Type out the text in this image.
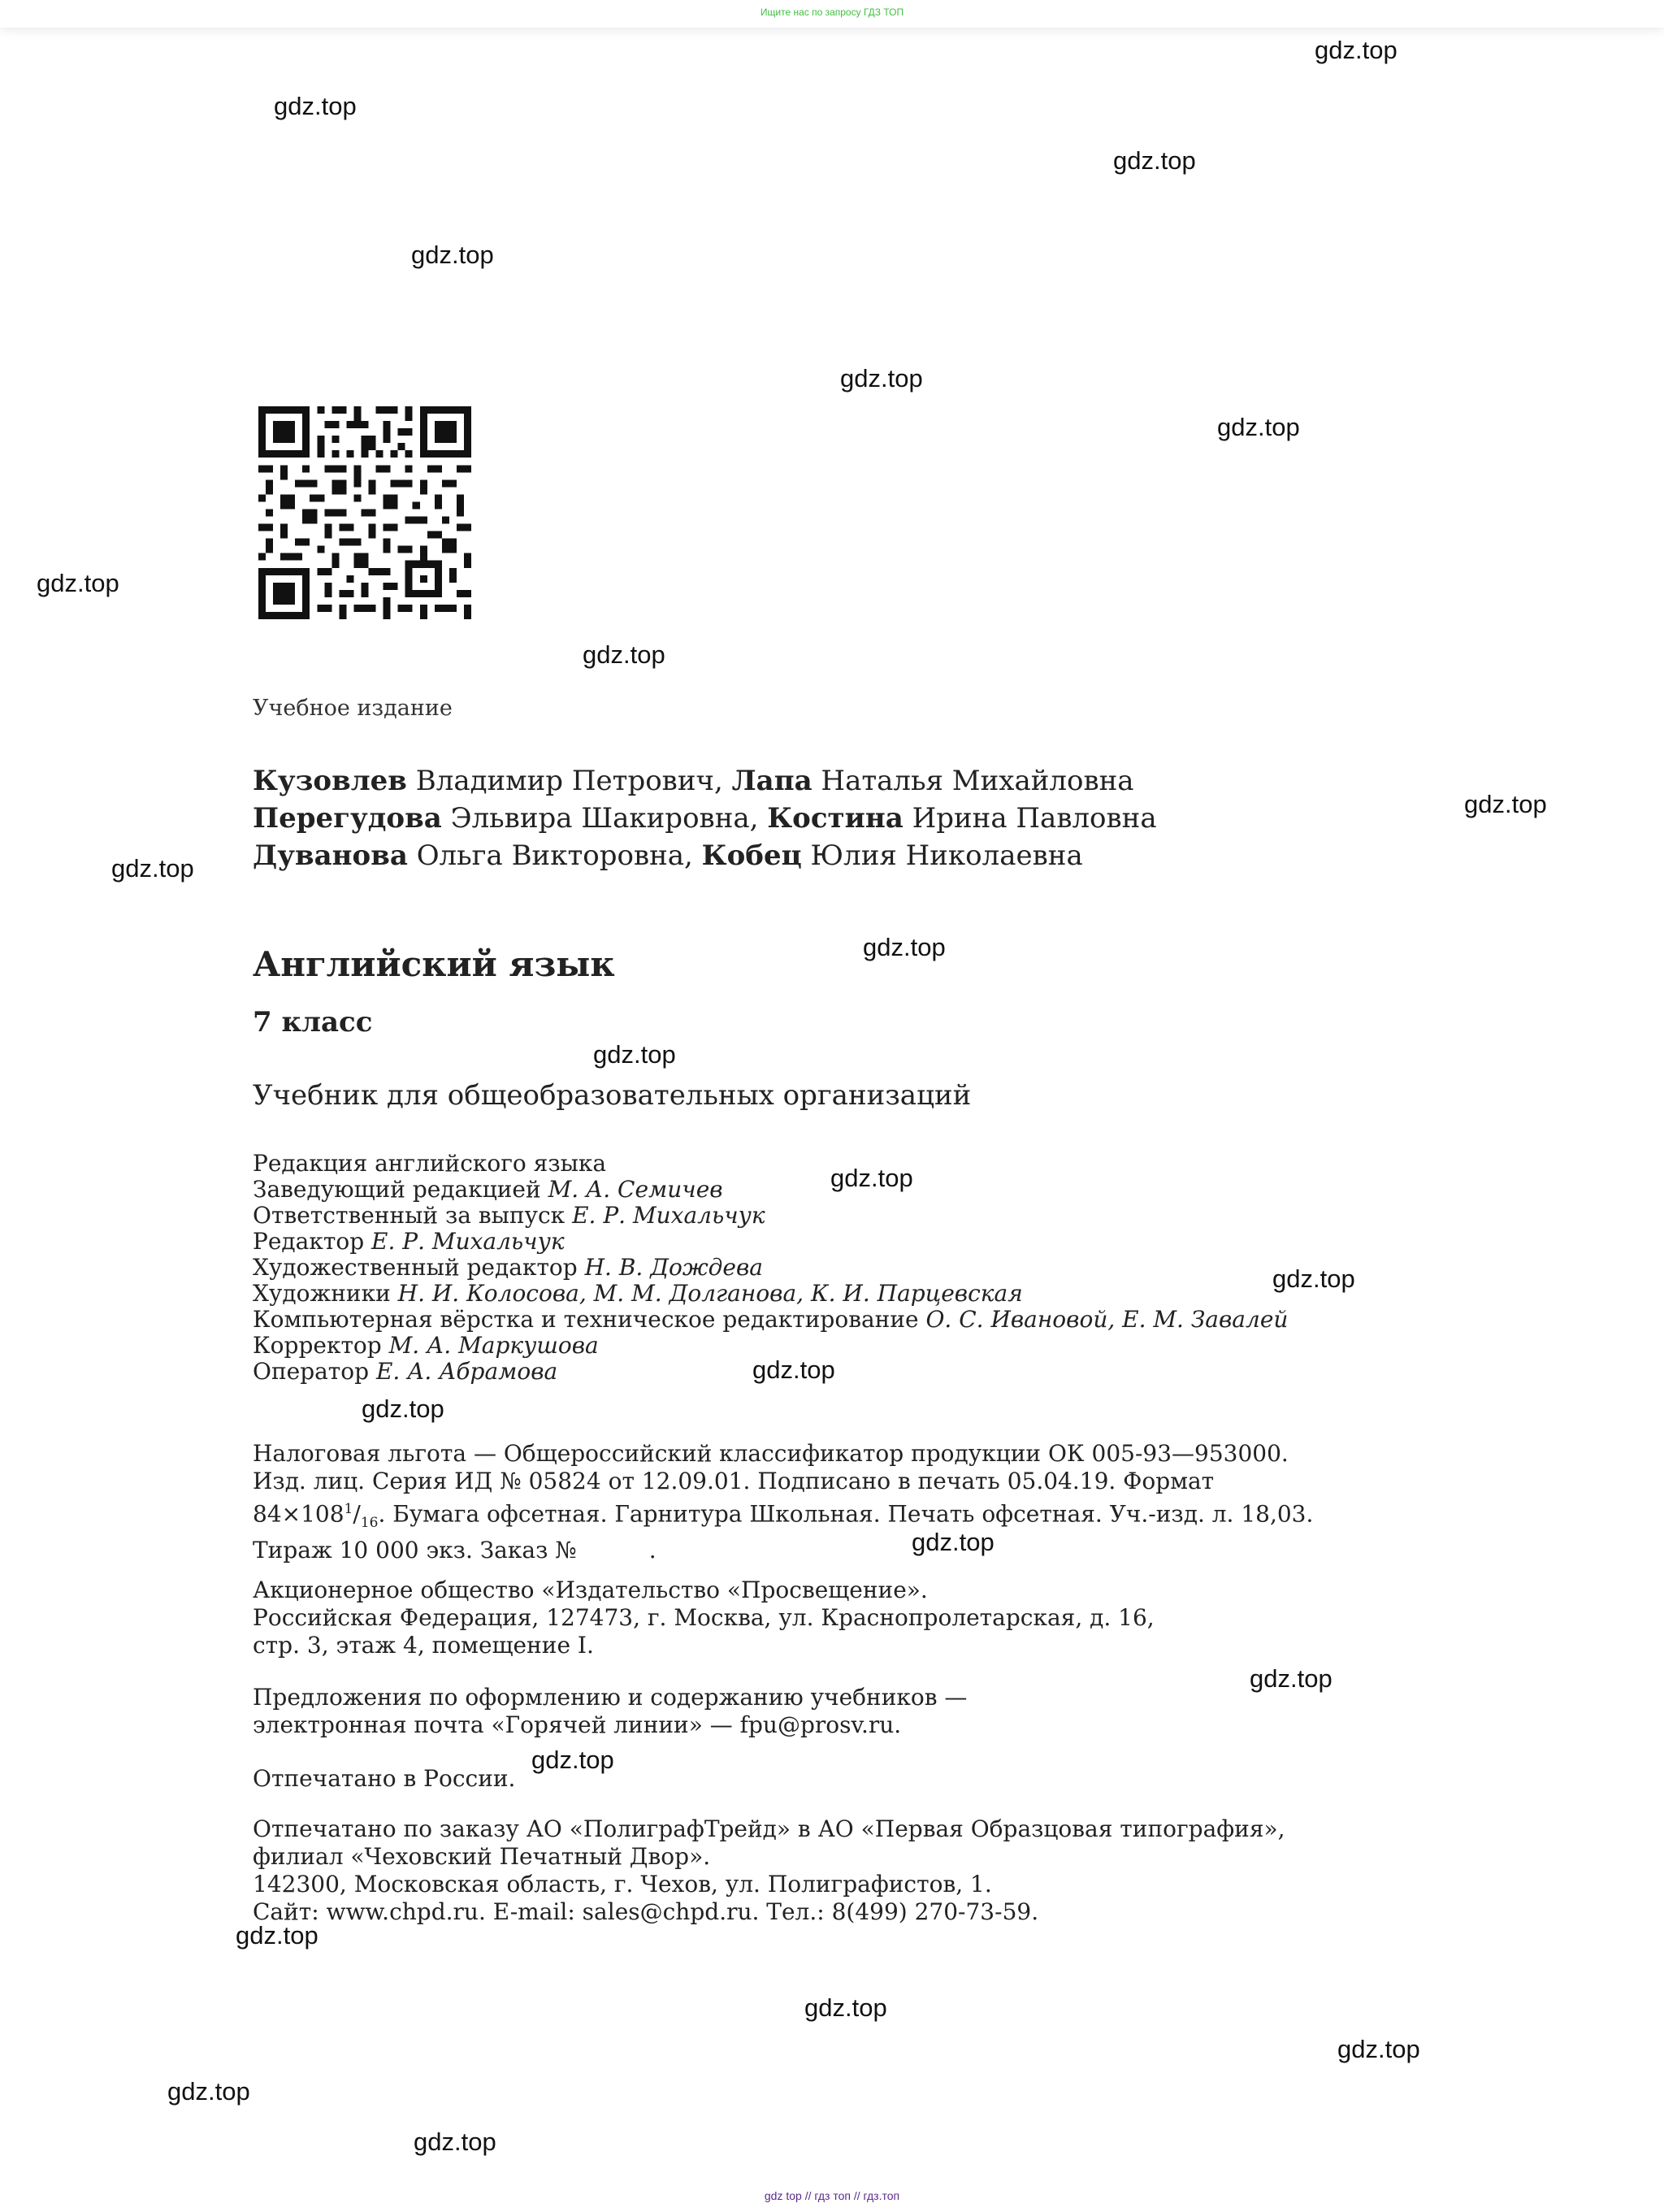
Ищите нас по запросу ГДЗ ТОП
gdz.top
gdz.top
gdz.top
gdz.top
gdz.top
gdz.top
gdz.top
gdz.top
gdz.top
gdz.top
gdz.top
gdz.top
gdz.top
gdz.top
gdz.top
gdz.top
gdz.top
gdz.top
gdz.top
gdz.top
gdz.top
gdz.top
gdz.top
gdz.top
Учебное издание
Кузовлев Владимир Петрович, Лапа Наталья Михайловна
Перегудова Эльвира Шакировна, Костина Ирина Павловна
Дуванова Ольга Викторовна, Кобец Юлия Николаевна
Английский язык
7 класс
Учебник для общеобразовательных организаций
Редакция английского языка
Заведующий редакцией М. А. Семичев
Ответственный за выпуск Е. Р. Михальчук
Редактор Е. Р. Михальчук
Художественный редактор Н. В. Дождева
Художники Н. И. Колосова, М. М. Долганова, К. И. Парцевская
Компьютерная вёрстка и техническое редактирование О. С. Ивановой, Е. М. Завалей
Корректор М. А. Маркушова
Оператор Е. А. Абрамова
Налоговая льгота — Общероссийский классификатор продукции ОК 005-93—953000.
Изд. лиц. Серия ИД № 05824 от 12.09.01. Подписано в печать 05.04.19. Формат
$84\times 108^1/_{16}$. Бумага офсетная. Гарнитура Школьная. Печать офсетная. Уч.-изд. л. 18,03.
Тираж 10 000 экз. Заказ №          .
Акционерное общество «Издательство «Просвещение».
Российская Федерация, 127473, г. Москва, ул. Краснопролетарская, д. 16,
стр. 3, этаж 4, помещение I.
Предложения по оформлению и содержанию учебников —
электронная почта «Горячей линии» — fpu@prosv.ru.
Отпечатано в России.
Отпечатано по заказу АО «ПолиграфТрейд» в АО «Первая Образцовая типография»,
филиал «Чеховский Печатный Двор».
142300, Московская область, г. Чехов, ул. Полиграфистов, 1.
Сайт: www.chpd.ru. E-mail: sales@chpd.ru. Тел.: 8(499) 270-73-59.
gdz top // гдз топ // гдз.топ
